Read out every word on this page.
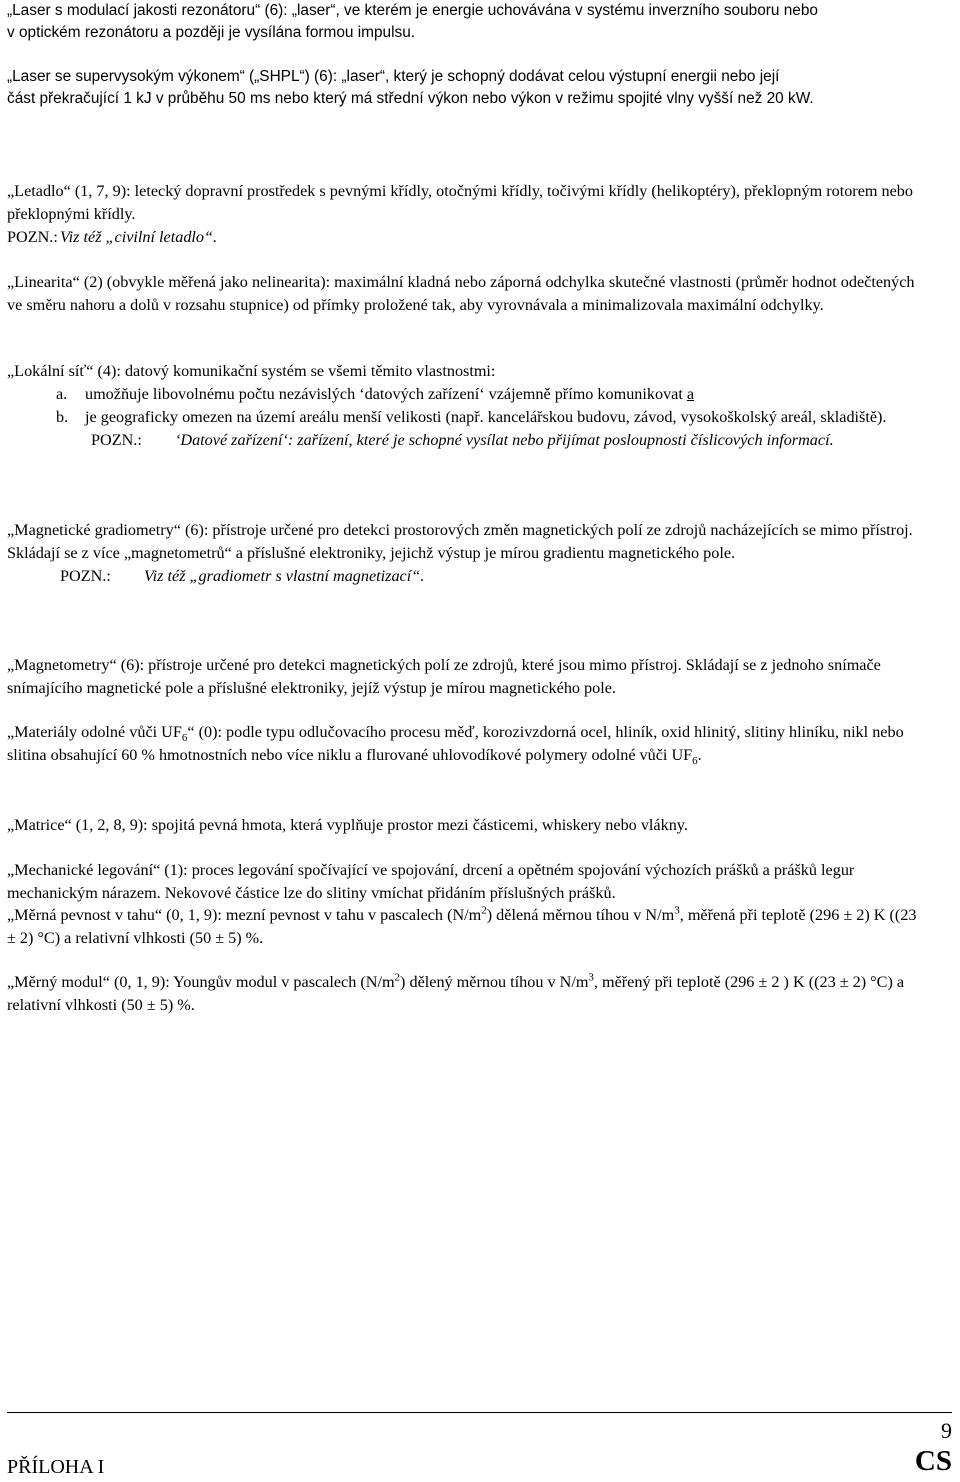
„Laser s modulací jakosti rezonátoru“ (6): „laser“, ve kterém je energie uchovávána v systému inverzního souboru nebo
v optickém rezonátoru a později je vysílána formou impulsu.
„Laser se supervysokým výkonem“ („SHPL“) (6): „laser“, který je schopný dodávat celou výstupní energii nebo její
část překračující 1 kJ v průběhu 50 ms nebo který má střední výkon nebo výkon v režimu spojité vlny vyšší než 20 kW.
„Letadlo“ (1, 7, 9): letecký dopravní prostředek s pevnými křídly, otočnými křídly, točivými křídly (helikoptéry), překlopným rotorem nebo překlopnými křídly.
POZN.: Viz též „civilní letadlo“.
„Linearita“ (2) (obvykle měřená jako nelinearita): maximální kladná nebo záporná odchylka skutečné vlastnosti (průměr hodnot odečtených ve směru nahoru a dolů v rozsahu stupnice) od přímky proložené tak, aby vyrovnávala a minimalizovala maximální odchylky.
„Lokální síť“ (4): datový komunikační systém se všemi těmito vlastnostmi:
a.	umožňuje libovolnému počtu nezávislých ‘datových zařízení‘ vzájemně přímo komunikovat a
b.	je geograficky omezen na území areálu menší velikosti (např. kancelářskou budovu, závod, vysokoškolský areál, skladiště).
POZN.:	‘Datové zařízení‘: zařízení, které je schopné vysílat nebo přijímat posloupnosti číslicových informací.
„Magnetické gradiometry“ (6): přístroje určené pro detekci prostorových změn magnetických polí ze zdrojů nacházejících se mimo přístroj. Skládají se z více „magnetometrů“ a příslušné elektroniky, jejichž výstup je mírou gradientu magnetického pole.
POZN.:	Viz též „gradiometr s vlastní magnetizací“.
„Magnetometry“ (6): přístroje určené pro detekci magnetických polí ze zdrojů, které jsou mimo přístroj. Skládají se z jednoho snímače snímajícího magnetické pole a příslušné elektroniky, jejíž výstup je mírou magnetického pole.
„Materiály odolné vůči $UF_6“$ (0): podle typu odlučovacího procesu měď, korozivzdorná ocel, hliník, oxid hlinitý, slitiny hliníku, nikl nebo slitina obsahující 60 % hmotnostních nebo více niklu a flurované uhlovodíkové polymery odolné vůči $UF_6$.
„Matrice“ (1, 2, 8, 9): spojitá pevná hmota, která vyplňuje prostor mezi částicemi, whiskery nebo vlákny.
„Mechanické legování“ (1): proces legování spočívající ve spojování, drcení a opětném spojování výchozích prášků a prášků legur mechanickým nárazem. Nekovové částice lze do slitiny vmíchat přidáním příslušných prášků.
„Měrná pevnost v tahu“ (0, 1, 9): mezní pevnost v tahu v pascalech $(N/m^2)$ dělená měrnou tíhou v $N/m^3$, měřená při teplotě (296 ± 2) K ((23 ± 2) °C) a relativní vlhkosti (50 ± 5) %.
„Měrný modul“ (0, 1, 9): Youngův modul v pascalech $(N/m^2)$ dělený měrnou tíhou v $N/m^3$, měřený při teplotě (296 ± 2 ) K ((23 ± 2) °C) a relativní vlhkosti (50 ± 5) %.
9
PŘÍLOHA I	CS
